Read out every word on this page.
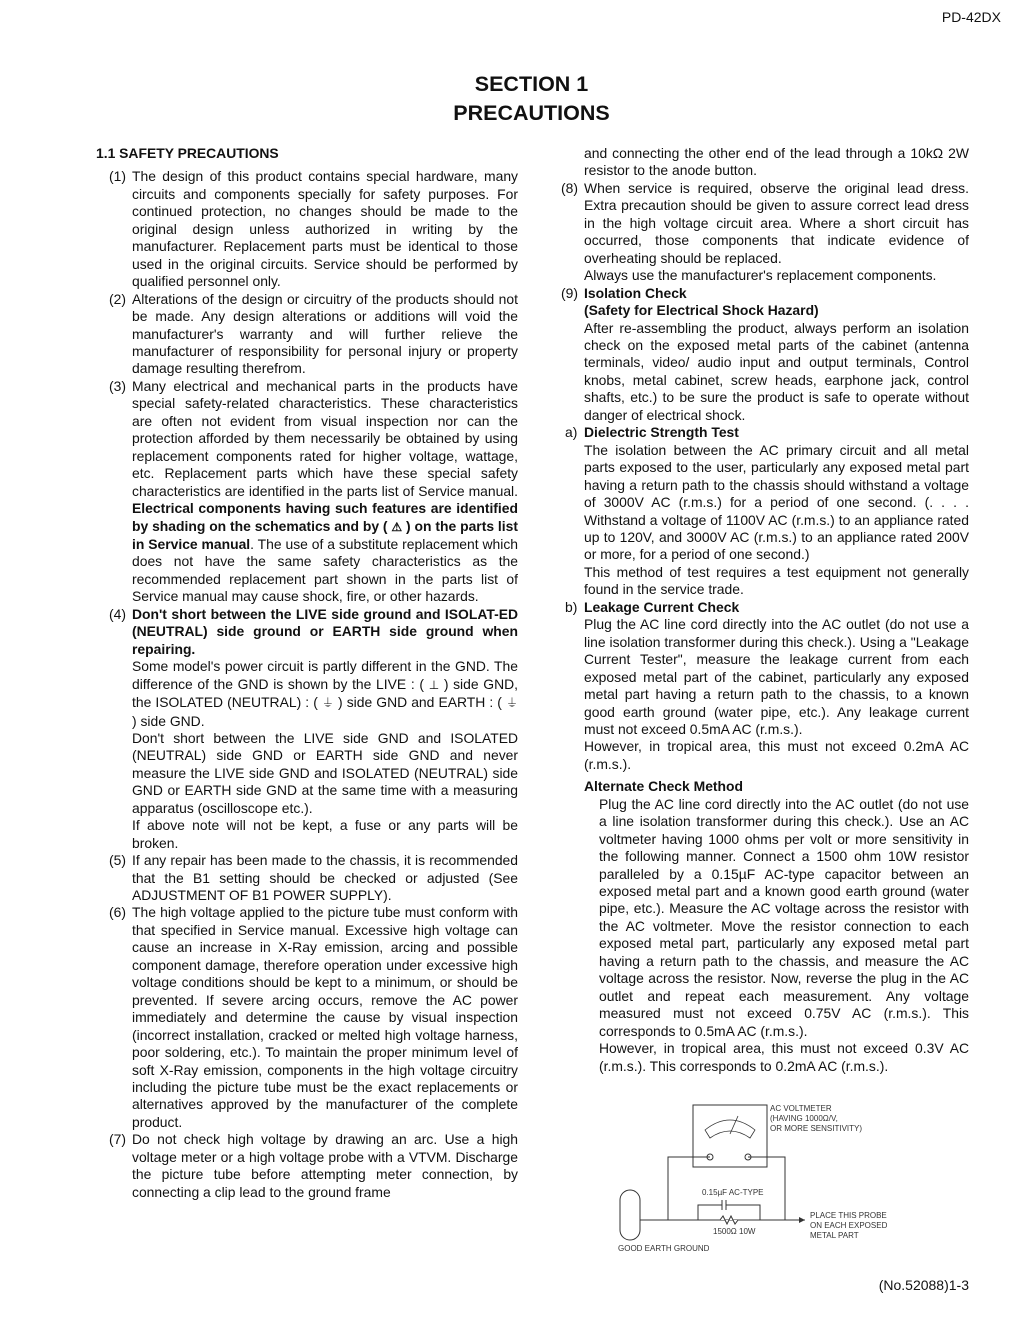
PD-42DX
SECTION 1
PRECAUTIONS
1.1 SAFETY PRECAUTIONS
(1) The design of this product contains special hardware, many circuits and components specially for safety purposes. For continued protection, no changes should be made to the original design unless authorized in writing by the manufacturer. Replacement parts must be identical to those used in the original circuits. Service should be performed by qualified personnel only.
(2) Alterations of the design or circuitry of the products should not be made. Any design alterations or additions will void the manufacturer's warranty and will further relieve the manufacturer of responsibility for personal injury or property damage resulting therefrom.
(3) Many electrical and mechanical parts in the products have special safety-related characteristics. These characteristics are often not evident from visual inspection nor can the protection afforded by them necessarily be obtained by using replacement components rated for higher voltage, wattage, etc. Replacement parts which have these special safety characteristics are identified in the parts list of Service manual. Electrical components having such features are identified by shading on the schematics and by ( ⚠ ) on the parts list in Service manual. The use of a substitute replacement which does not have the same safety characteristics as the recommended replacement part shown in the parts list of Service manual may cause shock, fire, or other hazards.
(4) Don't short between the LIVE side ground and ISOLAT-ED (NEUTRAL) side ground or EARTH side ground when repairing.
Some model's power circuit is partly different in the GND. The difference of the GND is shown by the LIVE : ( ⊥ ) side GND, the ISOLATED (NEUTRAL) : ( ⏚ ) side GND and EARTH : ( ⏚ ) side GND.
Don't short between the LIVE side GND and ISOLATED (NEUTRAL) side GND or EARTH side GND and never measure the LIVE side GND and ISOLATED (NEUTRAL) side GND or EARTH side GND at the same time with a measuring apparatus (oscilloscope etc.).
If above note will not be kept, a fuse or any parts will be broken.
(5) If any repair has been made to the chassis, it is recommended that the B1 setting should be checked or adjusted (See ADJUSTMENT OF B1 POWER SUPPLY).
(6) The high voltage applied to the picture tube must conform with that specified in Service manual. Excessive high voltage can cause an increase in X-Ray emission, arcing and possible component damage, therefore operation under excessive high voltage conditions should be kept to a minimum, or should be prevented. If severe arcing occurs, remove the AC power immediately and determine the cause by visual inspection (incorrect installation, cracked or melted high voltage harness, poor soldering, etc.). To maintain the proper minimum level of soft X-Ray emission, components in the high voltage circuitry including the picture tube must be the exact replacements or alternatives approved by the manufacturer of the complete product.
(7) Do not check high voltage by drawing an arc. Use a high voltage meter or a high voltage probe with a VTVM. Discharge the picture tube before attempting meter connection, by connecting a clip lead to the ground frame
and connecting the other end of the lead through a 10kΩ 2W resistor to the anode button.
(8) When service is required, observe the original lead dress. Extra precaution should be given to assure correct lead dress in the high voltage circuit area. Where a short circuit has occurred, those components that indicate evidence of overheating should be replaced.
Always use the manufacturer's replacement components.
(9) Isolation Check
(Safety for Electrical Shock Hazard)
After re-assembling the product, always perform an isolation check on the exposed metal parts of the cabinet (antenna terminals, video/ audio input and output terminals, Control knobs, metal cabinet, screw heads, earphone jack, control shafts, etc.) to be sure the product is safe to operate without danger of electrical shock.
a) Dielectric Strength Test
The isolation between the AC primary circuit and all metal parts exposed to the user, particularly any exposed metal part having a return path to the chassis should withstand a voltage of 3000V AC (r.m.s.) for a period of one second. (. . . . Withstand a voltage of 1100V AC (r.m.s.) to an appliance rated up to 120V, and 3000V AC (r.m.s.) to an appliance rated 200V or more, for a period of one second.)
This method of test requires a test equipment not generally found in the service trade.
b) Leakage Current Check
Plug the AC line cord directly into the AC outlet (do not use a line isolation transformer during this check.). Using a "Leakage Current Tester", measure the leakage current from each exposed metal part of the cabinet, particularly any exposed metal part having a return path to the chassis, to a known good earth ground (water pipe, etc.). Any leakage current must not exceed 0.5mA AC (r.m.s.).
However, in tropical area, this must not exceed 0.2mA AC (r.m.s.).
Alternate Check Method
Plug the AC line cord directly into the AC outlet (do not use a line isolation transformer during this check.). Use an AC voltmeter having 1000 ohms per volt or more sensitivity in the following manner. Connect a 1500 ohm 10W resistor paralleled by a 0.15µF AC-type capacitor between an exposed metal part and a known good earth ground (water pipe, etc.). Measure the AC voltage across the resistor with the AC voltmeter. Move the resistor connection to each exposed metal part, particularly any exposed metal part having a return path to the chassis, and measure the AC voltage across the resistor. Now, reverse the plug in the AC outlet and repeat each measurement. Any voltage measured must not exceed 0.75V AC (r.m.s.). This corresponds to 0.5mA AC (r.m.s.).
However, in tropical area, this must not exceed 0.3V AC (r.m.s.). This corresponds to 0.2mA AC (r.m.s.).
AC VOLTMETER
(HAVING 1000Ω/V,
OR MORE SENSITIVITY)
0.15µF AC-TYPE
1500Ω 10W
PLACE THIS PROBE
ON EACH EXPOSED
METAL PART
GOOD EARTH GROUND
(No.52088)1-3
